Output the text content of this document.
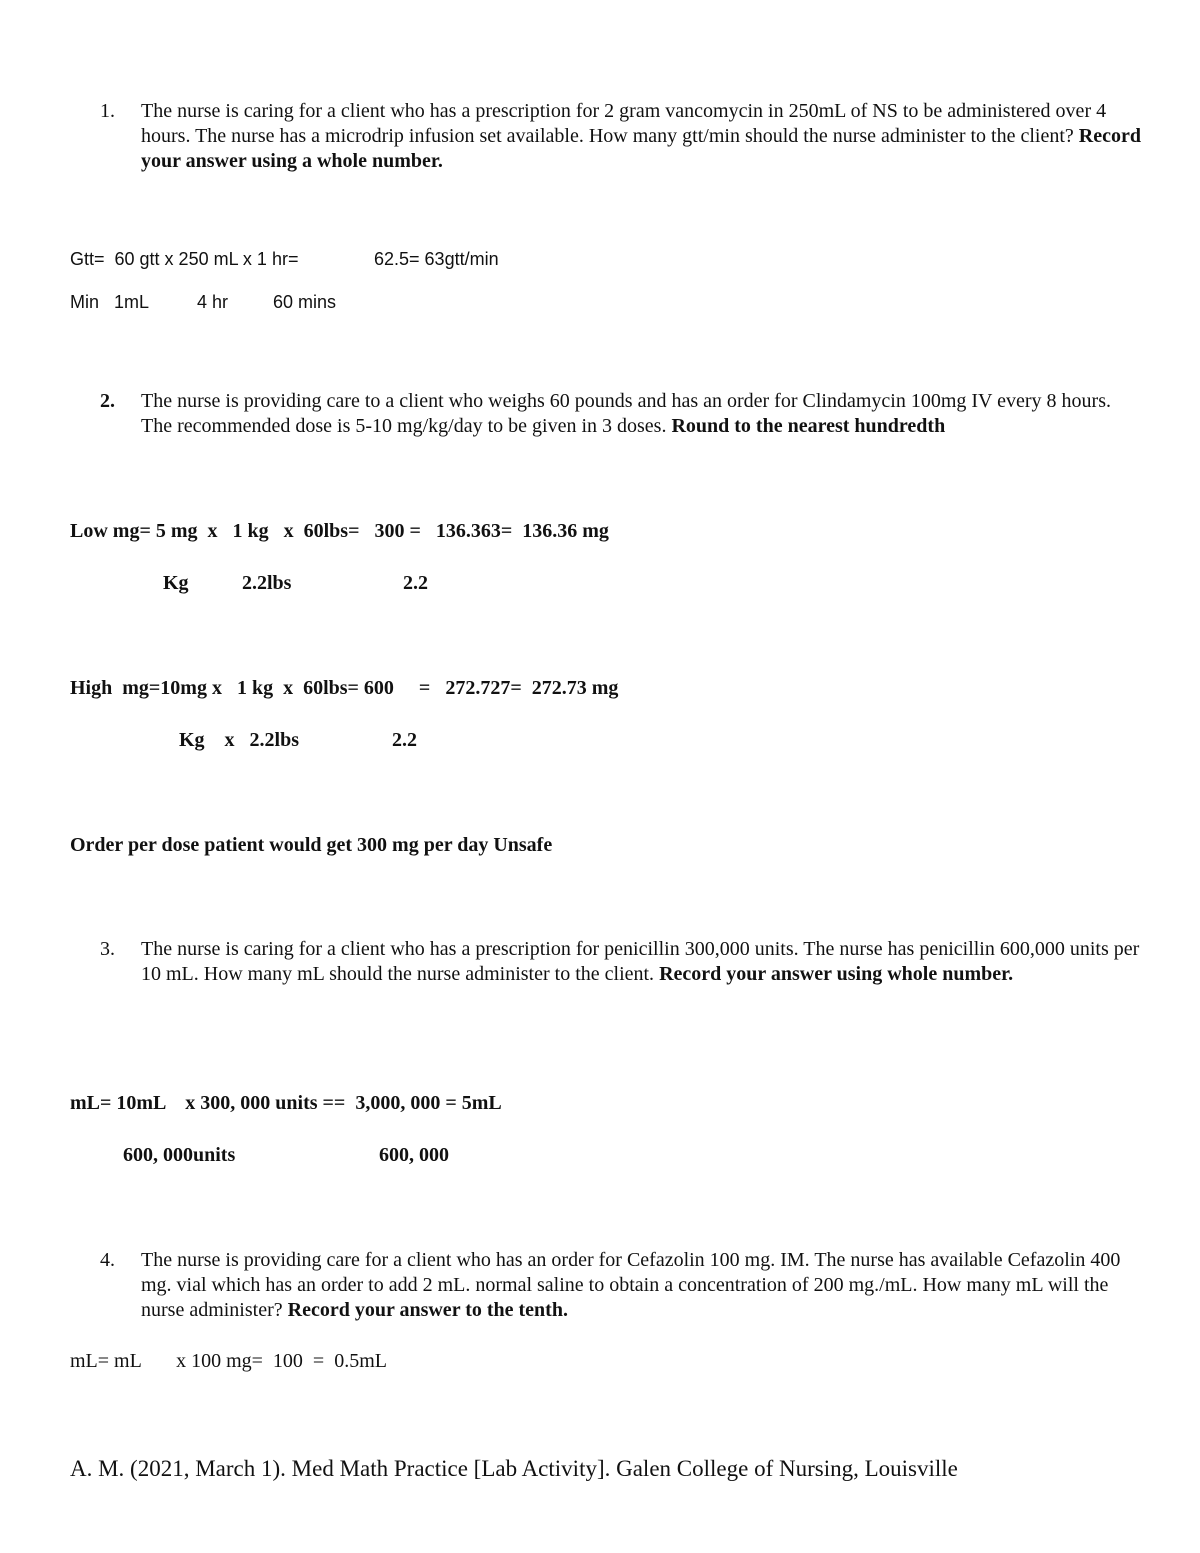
1.	The nurse is caring for a client who has a prescription for 2 gram vancomycin in 250mL of NS to be administered over 4 hours. The nurse has a microdrip infusion set available. How many gtt/min should the nurse administer to the client? Record your answer using a whole number.
Gtt=  60 gtt x 250 mL x 1 hr=	62.5= 63gtt/min
Min   1mL	4 hr 60 mins
2.	The nurse is providing care to a client who weighs 60 pounds and has an order for Clindamycin 100mg IV every 8 hours. The recommended dose is 5-10 mg/kg/day to be given in 3 doses. Round to the nearest hundredth
Low mg= 5 mg  x   1 kg   x  60lbs=   300 =   136.363=  136.36 mg
Kg	2.2lbs	2.2
High  mg=10mg x   1 kg  x  60lbs= 600     =   272.727=  272.73 mg
Kg    x   2.2lbs	2.2
Order per dose patient would get 300 mg per day Unsafe
3.	The nurse is caring for a client who has a prescription for penicillin 300,000 units. The nurse has penicillin 600,000 units per 10 mL. How many mL should the nurse administer to the client. Record your answer using whole number.
mL= 10mL    x 300, 000 units ==  3,000, 000 = 5mL
600, 000units	600, 000
4.	The nurse is providing care for a client who has an order for Cefazolin 100 mg. IM. The nurse has available Cefazolin 400 mg. vial which has an order to add 2 mL. normal saline to obtain a concentration of 200 mg./mL. How many mL will the nurse administer? Record your answer to the tenth.
mL= mL       x 100 mg=  100  =  0.5mL
A. M. (2021, March 1). Med Math Practice [Lab Activity]. Galen College of Nursing, Louisville
